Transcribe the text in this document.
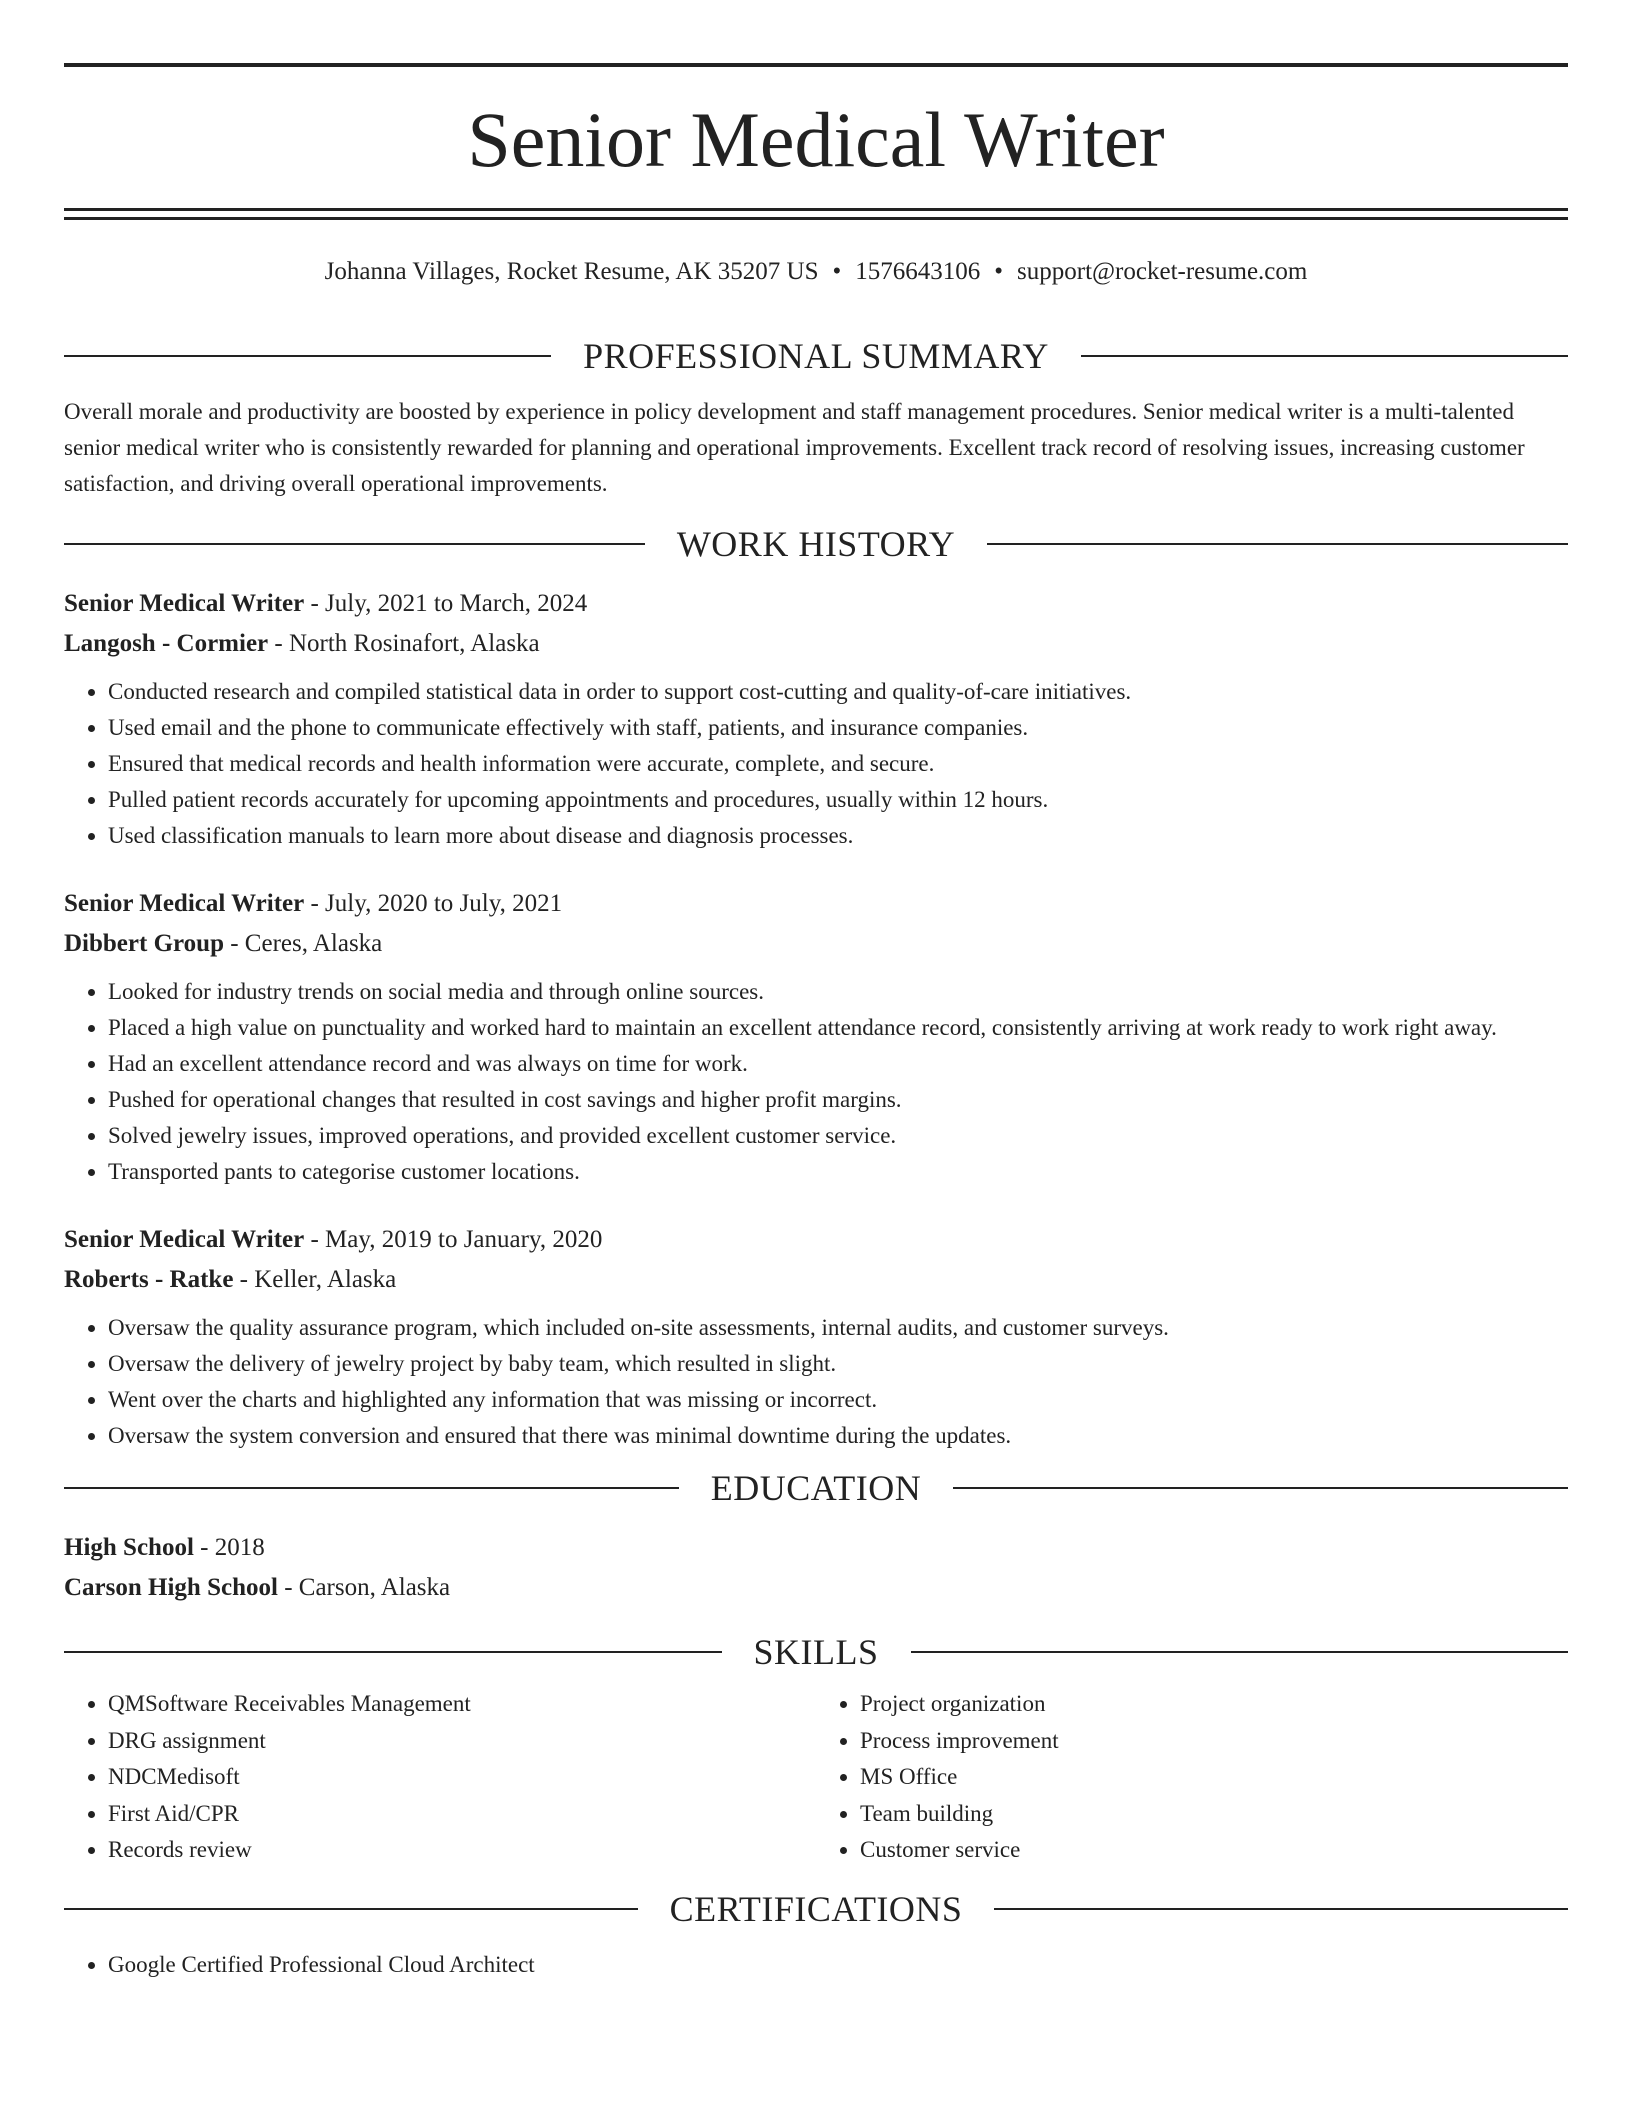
Senior Medical Writer
Johanna Villages, Rocket Resume, AK 35207 US • 1576643106 • support@rocket-resume.com
PROFESSIONAL SUMMARY

Overall morale and productivity are boosted by experience in policy development and staff management procedures. Senior medical writer is a multi-talented senior medical writer who is consistently rewarded for planning and operational improvements. Excellent track record of resolving issues, increasing customer satisfaction, and driving overall operational improvements.

WORK HISTORY
Senior Medical Writer - July, 2021 to March, 2024
Langosh - Cormier - North Rosinafort, Alaska
• Conducted research and compiled statistical data in order to support cost-cutting and quality-of-care initiatives.
• Used email and the phone to communicate effectively with staff, patients, and insurance companies.
• Ensured that medical records and health information were accurate, complete, and secure.
• Pulled patient records accurately for upcoming appointments and procedures, usually within 12 hours.
• Used classification manuals to learn more about disease and diagnosis processes.
Senior Medical Writer - July, 2020 to July, 2021
Dibbert Group - Ceres, Alaska
• Looked for industry trends on social media and through online sources.
• Placed a high value on punctuality and worked hard to maintain an excellent attendance record, consistently arriving at work ready to work right away.
• Had an excellent attendance record and was always on time for work.
• Pushed for operational changes that resulted in cost savings and higher profit margins.
• Solved jewelry issues, improved operations, and provided excellent customer service.
• Transported pants to categorise customer locations.
Senior Medical Writer - May, 2019 to January, 2020
Roberts - Ratke - Keller, Alaska
• Oversaw the quality assurance program, which included on-site assessments, internal audits, and customer surveys.
• Oversaw the delivery of jewelry project by baby team, which resulted in slight.
• Went over the charts and highlighted any information that was missing or incorrect.
• Oversaw the system conversion and ensured that there was minimal downtime during the updates.
EDUCATION
High School - 2018
Carson High School - Carson, Alaska
SKILLS
• QMSoftware Receivables Management
• DRG assignment
• NDCMedisoft
• First Aid/CPR
• Records review
• Project organization
• Process improvement
• MS Office
• Team building
• Customer service
CERTIFICATIONS
• Google Certified Professional Cloud Architect
